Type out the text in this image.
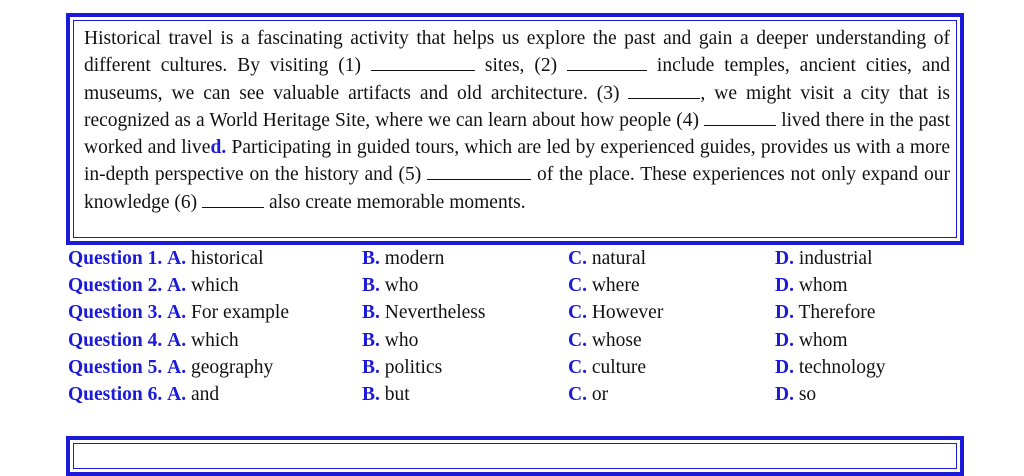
Historical travel is a fascinating activity that helps us explore the past and gain a deeper understanding of different cultures. By visiting (1)	sites, (2)	include temples, ancient cities, and museums, we can see valuable artifacts and old architecture. (3)	, we might visit a city that is recognized as a World Heritage Site, where we can learn about how people (4)	lived there in the past worked and lived. Participating in guided tours, which are led by experienced guides, provides us with a more in-depth perspective on the history and (5)	of the place. These experiences not only expand our knowledge (6)	also create memorable moments.
Question 1. A. historical	B. modern	C. natural	D. industrial
Question 2. A. which	B. who	C. where	D. whom
Question 3. A. For example	B. Nevertheless	C. However	D. Therefore
Question 4. A. which	B. who	C. whose	D. whom
Question 5. A. geography	B. politics	C. culture	D. technology
Question 6. A. and	B. but	C. or	D. so
